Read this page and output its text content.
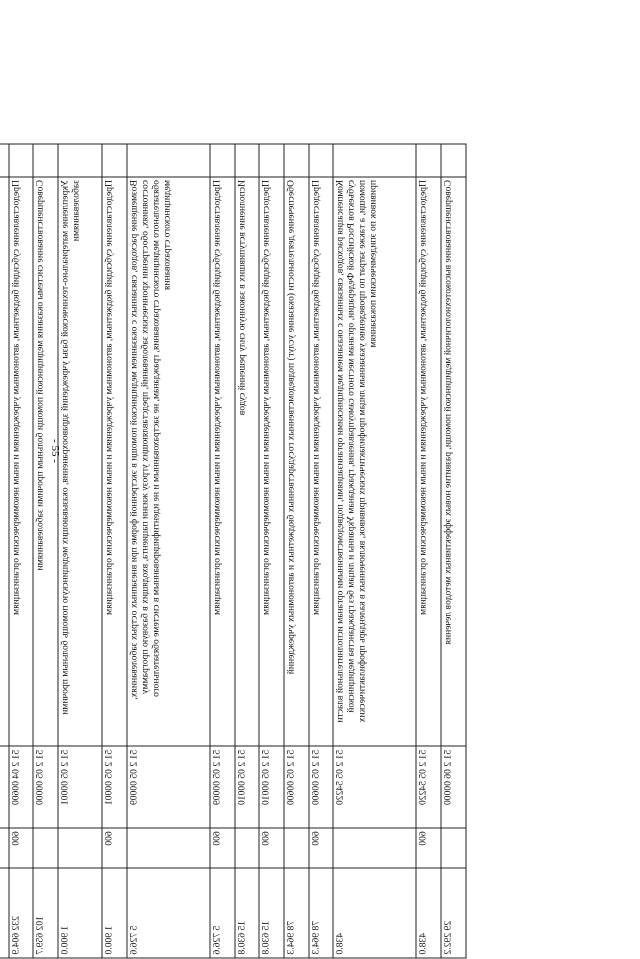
- 55 -

	Предоставление субсидий бюджетным, автономным учреждениям и иным некоммерческим организациям	51 2 04 00600	600	232 604.9
	Совершенствование системы оказания медицинской помощи больным прочими заболеваниями	51 2 05 00000		102 659.7
	Укрепление материально-технической базы учреждений здравоохранения, оказывающих медицинскую помощь больным прочими заболеваниями	51 2 05 00001		1 900.0
	Предоставление субсидий бюджетным, автономным учреждениям и иным некоммерческим организациям	51 2 05 00001	600	1 900.0
	Возмещение расходов, связанных с оказанием медицинской помощи в экстренной форме при внезапных острых заболеваниях, состояниях, обострении хронических заболеваний, представляющих угрозу жизни пациента, входящих в базовую программу обязательного медицинского страхования, гражданам, не застрахованным и не идентифицированным в системе обязательного медицинского страхования	51 2 05 00009		5 726.6
	Предоставление субсидий бюджетным, автономным учреждениям и иным некоммерческим организациям	51 2 05 00009	600	5 726.6
	Исполнение вступивших в законную силу решений судов	51 2 05 00010		15 630.8
	Предоставление субсидий бюджетным, автономным учреждениям и иным некоммерческим организациям	51 2 05 00010	600	15 630.8
	Обеспечение деятельности (оказание услуг) подведомственных государственных бюджетных и автономных учреждений	51 2 05 00600		78 964.3
	Предоставление субсидий бюджетным, автономным учреждениям и иным некоммерческим организациям	51 2 05 00600	600	78 964.3
	Компенсация расходов, связанных с оказанием медицинскими организациями, подведомственными органам исполнительной власти субъектов Российской Федерации, органам местного самоуправления, гражданам Украины и лицам без гражданства медицинской помощи, а также затрат по проведению указанным лицам профилактических прививок, включенных в календарь профилактических прививок по эпидемическим показаниям	51 2 05 54220		438.0
	Предоставление субсидий бюджетным, автономным учреждениям и иным некоммерческим организациям	51 2 05 54220	600	438.0
	Совершенствование высокотехнологичной медицинской помощи, развитие новых эффективных методов лечения	51 2 06 00000		29 292.2
